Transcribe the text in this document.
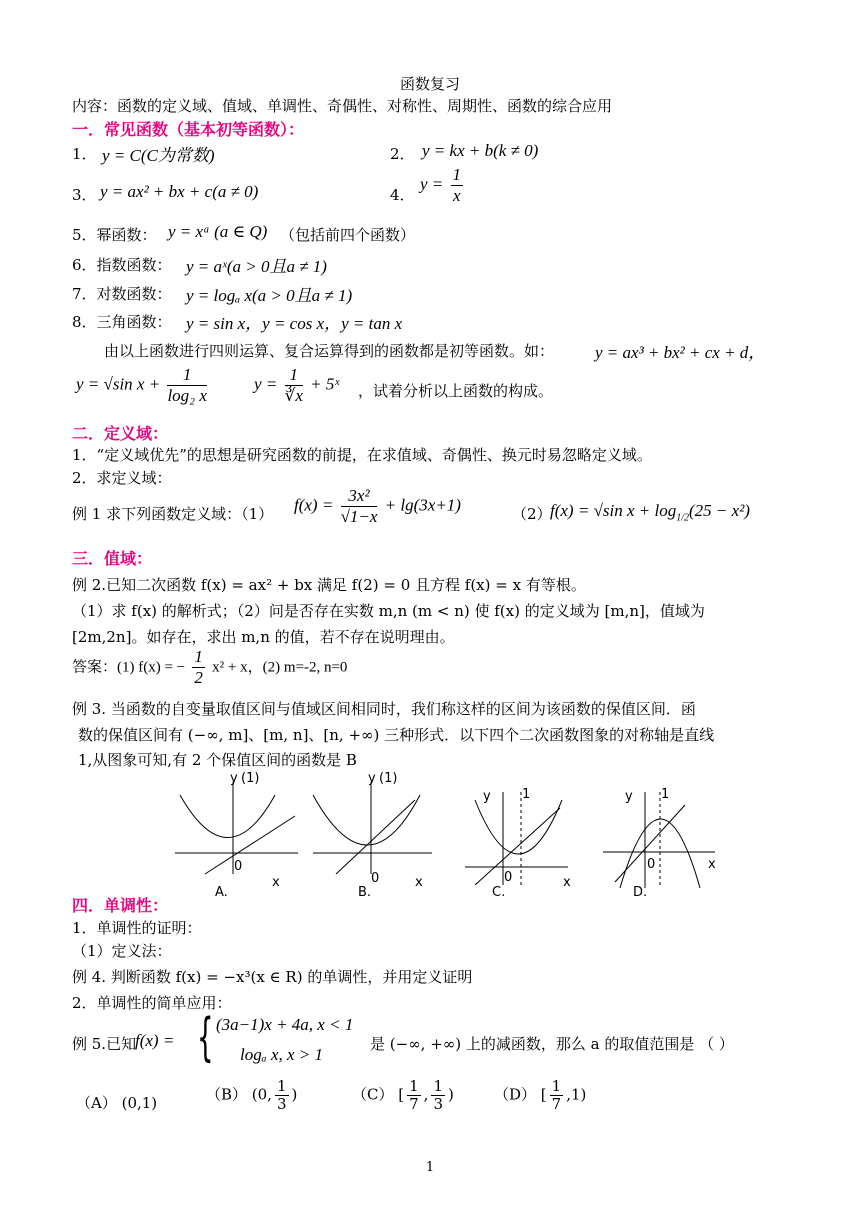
函数复习
内容：函数的定义域、值域、单调性、奇偶性、对称性、周期性、函数的综合应用
一．常见函数（基本初等函数）：
1． y = C(C为常数)	2． y = kx + b(k ≠ 0)
3． y = ax² + bx + c(a ≠ 0)	4．
$y = \frac{1}{x}$
5．幂函数： y = xᵃ (a ∈ Q) （包括前四个函数）
6．指数函数： y = aˣ(a > 0且a ≠ 1)
7．对数函数： y = logₐ x(a > 0且a ≠ 1)
8．三角函数： y = sin x，y = cos x，y = tan x
由以上函数进行四则运算、复合运算得到的函数都是初等函数。如： y = ax³ + bx² + cx + d，
y = √sin $x + \frac{1}{\text{log₂ x}}$	$y = \frac{1}{∛x}$ + 5ˣ ，试着分析以上函数的构成。
二．定义域：
1．“定义域优先”的思想是研究函数的前提，在求值域、奇偶性、换元时易忽略定义域。
2．求定义域：
例 1 求下列函数定义域：（1） $f(x) = \frac{\text{3x²}}{√1-x} + \lg(3x+1)$	（2）
f(x) = √sin $x + \log_{1/2}(25 - x^2)$
三．值域：
例 2.已知二次函数 f(x) = ax² + bx 满足 f(2) = 0 且方程 f(x) = x 有等根。
（1）求 f(x) 的解析式；（2）问是否存在实数 m,n (m < n) 使 f(x) 的定义域为 [m,n]，值域为
[2m,2n]。如存在，求出 m,n 的值，若不存在说明理由。
答案：(1) f(x) = − $\frac{1}{2} x^2 + x$，(2) m=-2, n=0
例 3. 当函数的自变量取值区间与值域区间相同时，我们称这样的区间为该函数的保值区间．函
数的保值区间有 (−∞, m]、[m, n]、[n, +∞) 三种形式．以下四个二次函数图象的对称轴是直线
1,从图象可知,有 2 个保值区间的函数是 B
y (1)
0
x
A.
y (1)
0	x
B.
y 1
0	x
C.
y 1
0	x
D.
四．单调性：
1．单调性的证明：
（1）定义法：
例 4. 判断函数 f(x) = −x³(x ∈ R) 的单调性，并用定义证明
2．单调性的简单应用：
例 5.已知
f(x) = { (3a−1)x + 4a, x < 1
logₐ x, x > 1
是 (−∞, +∞) 上的减函数，那么 a 的取值范围是 （ ）
（A） (0,1)	（B） (0, $\frac{1}{3}$ )	（C） [ $\frac{1}{7}$ , $\frac{1}{3}$ )	（D） [ $\frac{1}{7} ,1$)
1
